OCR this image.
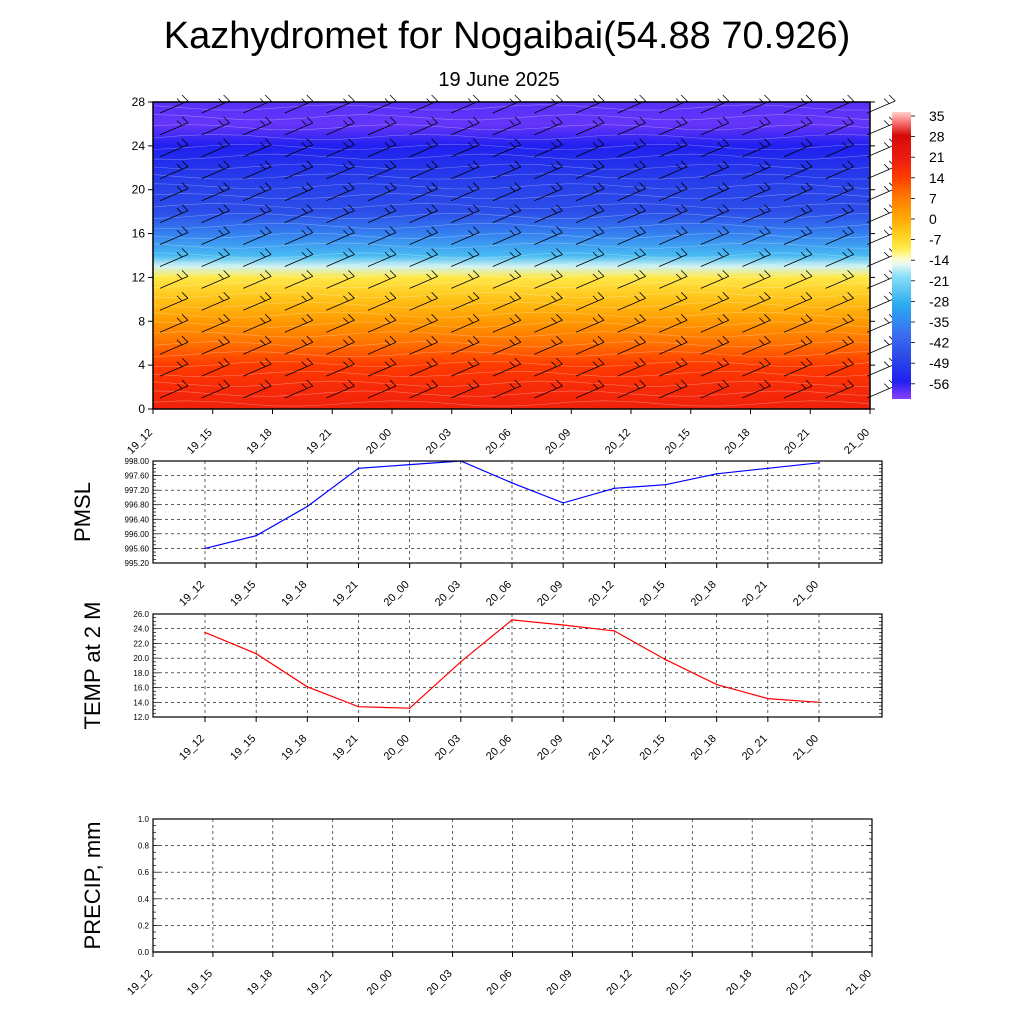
Kazhydromet for Nogaibai(54.88 70.926)
19 June 2025
0
4
8
12
16
20
24
28
19_12	19_15	19_18	19_21	20_00	20_03	20_06	20_09	20_12	20_15	20_18	20_21	21_00
35
28
21
14
7
0
-7
-14
-21
-28
-35
-42
-49
-56
995.20
995.60
996.00
996.40
996.80
997.20
997.60
998.00
19_12 19_15 19_18 19_21 20_00 20_03 20_06 20_09 20_12 20_15 20_18 20_21 21_00
PMSL
12.0
14.0
16.0
18.0
20.0
22.0
24.0
26.0
19_12 19_15 19_18 19_21 20_00 20_03 20_06 20_09 20_12 20_15 20_18 20_21 21_00
TEMP at 2 M
0.0
0.2
0.4
0.6
0.8
1.0
19_12	19_15	19_18	19_21	20_00	20_03	20_06	20_09	20_12	20_15	20_18	20_21	21_00
PRECIP, mm
